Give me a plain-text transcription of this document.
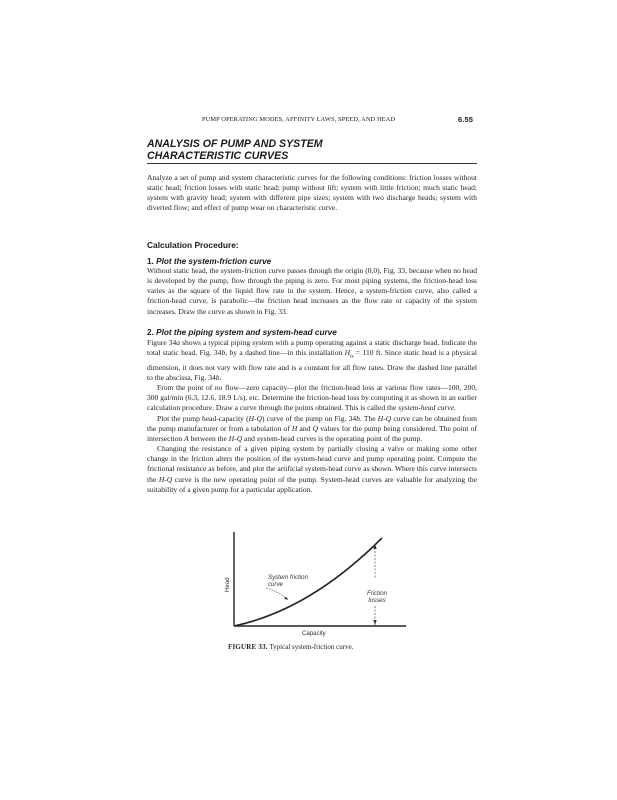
PUMP OPERATING MODES, AFFINITY LAWS, SPEED, AND HEAD	6.55
ANALYSIS OF PUMP AND SYSTEM
CHARACTERISTIC CURVES

Analyze a set of pump and system characteristic curves for the following conditions: friction losses without static head; friction losses with static head; pump without lift; system with little friction; much static head; system with gravity head; system with different pipe sizes; system with two discharge heads; system with diverted flow; and effect of pump wear on characteristic curve.

Calculation Procedure:
1. Plot the system-friction curve

Without static head, the system-friction curve passes through the origin (0,0), Fig. 33, because when no head is developed by the pump, flow through the piping is zero. For most piping systems, the friction-head loss varies as the square of the liquid flow rate in the system. Hence, a system-friction curve, also called a friction-head curve, is parabolic—the friction head increases as the flow rate or capacity of the system increases. Draw the curve as shown in Fig. 33.

2. Plot the piping system and system-head curve

Figure 34a shows a typical piping system with a pump operating against a static discharge head. Indicate the total static head, Fig. 34b, by a dashed line—in this installation $H_{ts} = 110$ ft. Since static head is a physical dimension, it does not vary with flow rate and is a constant for all flow rates. Draw the dashed line parallel to the abscissa, Fig. 34b.

From the point of no flow—zero capacity—plot the friction-head loss at various flow rates—100, 200, 300 gal/min (6.3, 12.6, 18.9 L/s), etc. Determine the friction-head loss by computing it as shown in an earlier calculation procedure. Draw a curve through the points obtained. This is called the system-head curve.

Plot the pump head-capacity (H-Q) curve of the pump on Fig. 34b. The H-Q curve can be obtained from the pump manufacturer or from a tabulation of H and Q values for the pump being considered. The point of intersection A between the H-Q and system-head curves is the operating point of the pump.

Changing the resistance of a given piping system by partially closing a valve or making some other change in the friction alters the position of the system-head curve and pump operating point. Compute the frictional resistance as before, and plot the artificial system-head curve as shown. Where this curve intersects the H-Q curve is the new operating point of the pump. System-head curves are valuable for analyzing the suitability of a given pump for a particular application.

Head
Capacity
System friction
curve
Friction
losses
FIGURE 33. Typical system-friction curve.
